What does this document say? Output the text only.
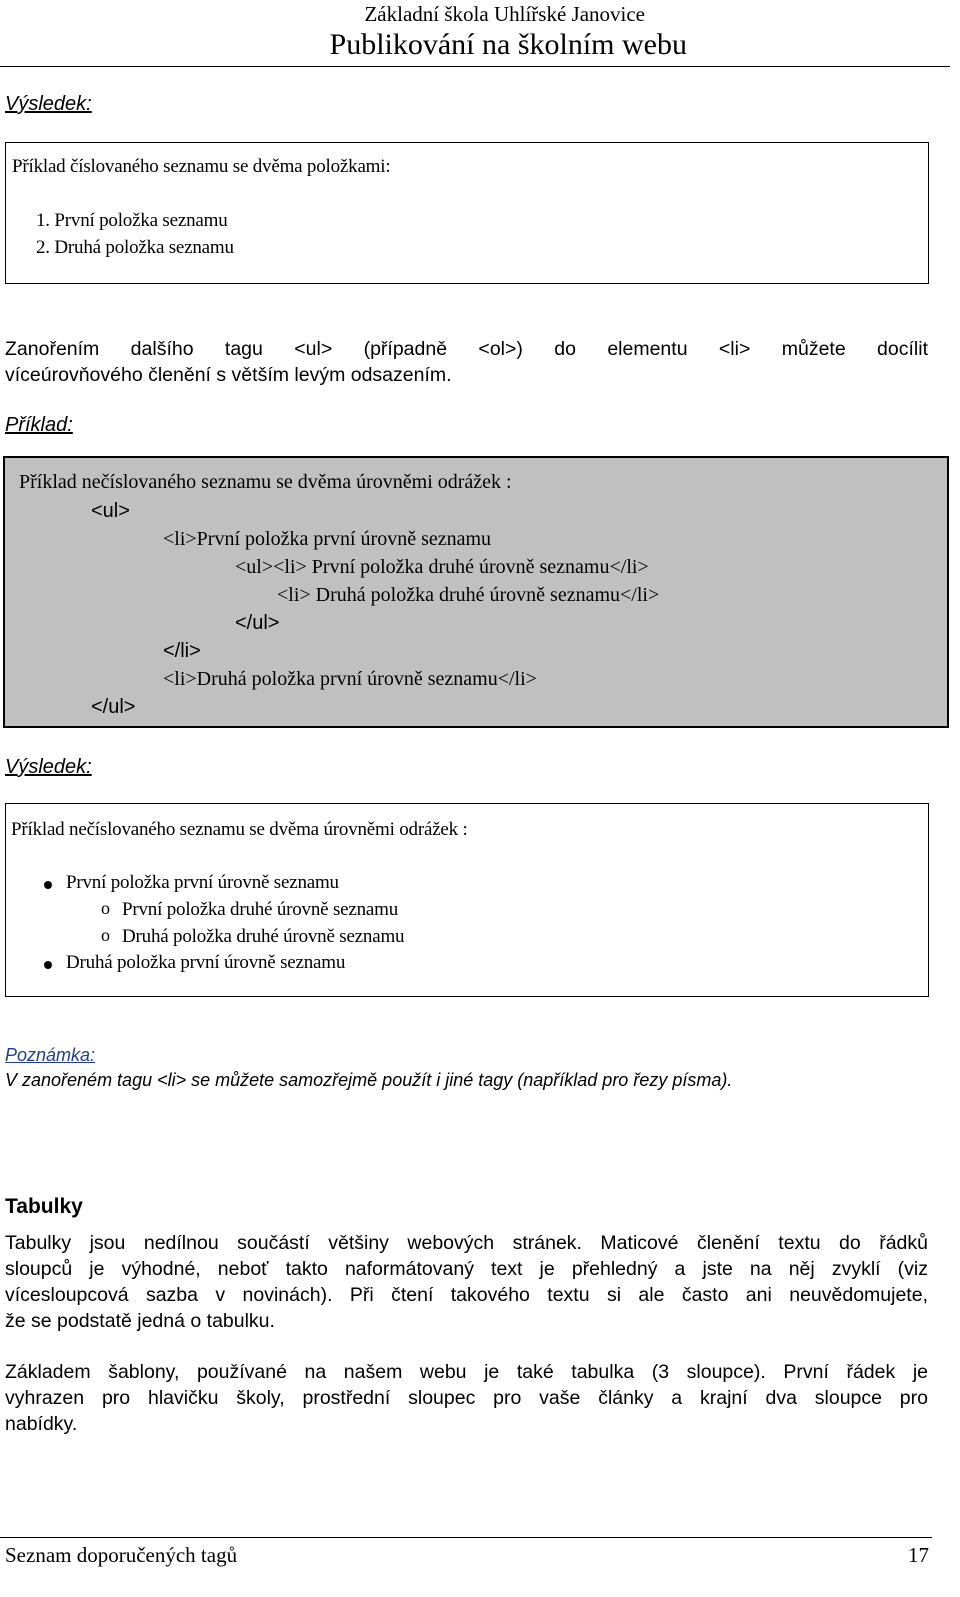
Základní škola Uhlířské Janovice
Publikování na školním webu
Výsledek:
Příklad číslovaného seznamu se dvěma položkami:
1. První položka seznamu
2. Druhá položka seznamu
Zanořením dalšího tagu <ul> (případně <ol>) do elementu <li> můžete docílit
víceúrovňového členění s větším levým odsazením.
Příklad:
Příklad nečíslovaného seznamu se dvěma úrovněmi odrážek :
<ul>
<li>První položka první úrovně seznamu
<ul><li> První položka druhé úrovně seznamu</li>
<li> Druhá položka druhé úrovně seznamu</li>
</ul>
</li>
<li>Druhá položka první úrovně seznamu</li>
</ul>
Výsledek:
Příklad nečíslovaného seznamu se dvěma úrovněmi odrážek :
První položka první úrovně seznamu
o První položka druhé úrovně seznamu
o Druhá položka druhé úrovně seznamu
Druhá položka první úrovně seznamu
Poznámka:
V zanořeném tagu <li> se můžete samozřejmě použít i jiné tagy (například pro řezy písma).
Tabulky
Tabulky jsou nedílnou součástí většiny webových stránek. Maticové členění textu do řádků
sloupců je výhodné, neboť takto naformátovaný text je přehledný a jste na něj zvyklí (viz
vícesloupcová sazba v novinách). Při čtení takového textu si ale často ani neuvědomujete,
že se podstatě jedná o tabulku.
Základem šablony, používané na našem webu je také tabulka (3 sloupce). První řádek je
vyhrazen pro hlavičku školy, prostřední sloupec pro vaše články a krajní dva sloupce pro
nabídky.
Seznam doporučených tagů	17
